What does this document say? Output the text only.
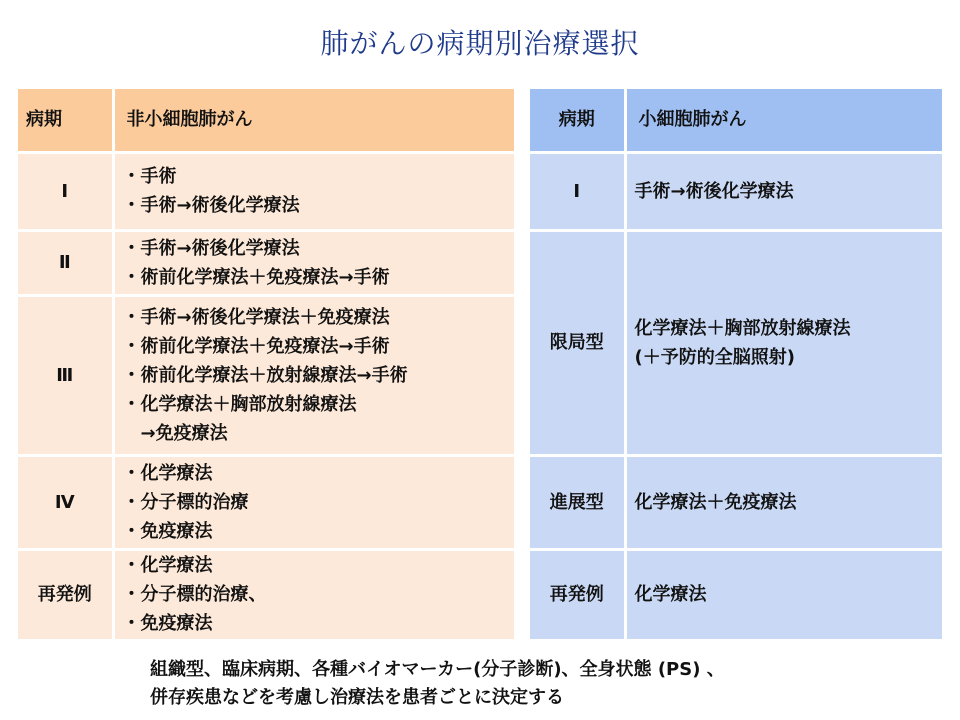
肺がんの病期別治療選択
病期	非小細胞肺がん
Ⅰ	・手術
・手術→術後化学療法

Ⅱ	・手術→術後化学療法
・術前化学療法＋免疫療法→手術

Ⅲ	・手術→術後化学療法＋免疫療法
・術前化学療法＋免疫療法→手術
・術前化学療法＋放射線療法→手術
・化学療法＋胸部放射線療法
　→免疫療法

Ⅳ	・化学療法
・分子標的治療
・免疫療法

再発例	・化学療法
・分子標的治療、
・免疫療法
病期	小細胞肺がん
Ⅰ	手術→術後化学療法

限局型	化学療法＋胸部放射線療法
(＋予防的全脳照射)

進展型	化学療法＋免疫療法

再発例	化学療法
組織型、臨床病期、各種バイオマーカー(分子診断)、全身状態 (PS) 、
併存疾患などを考慮し治療法を患者ごとに決定する
